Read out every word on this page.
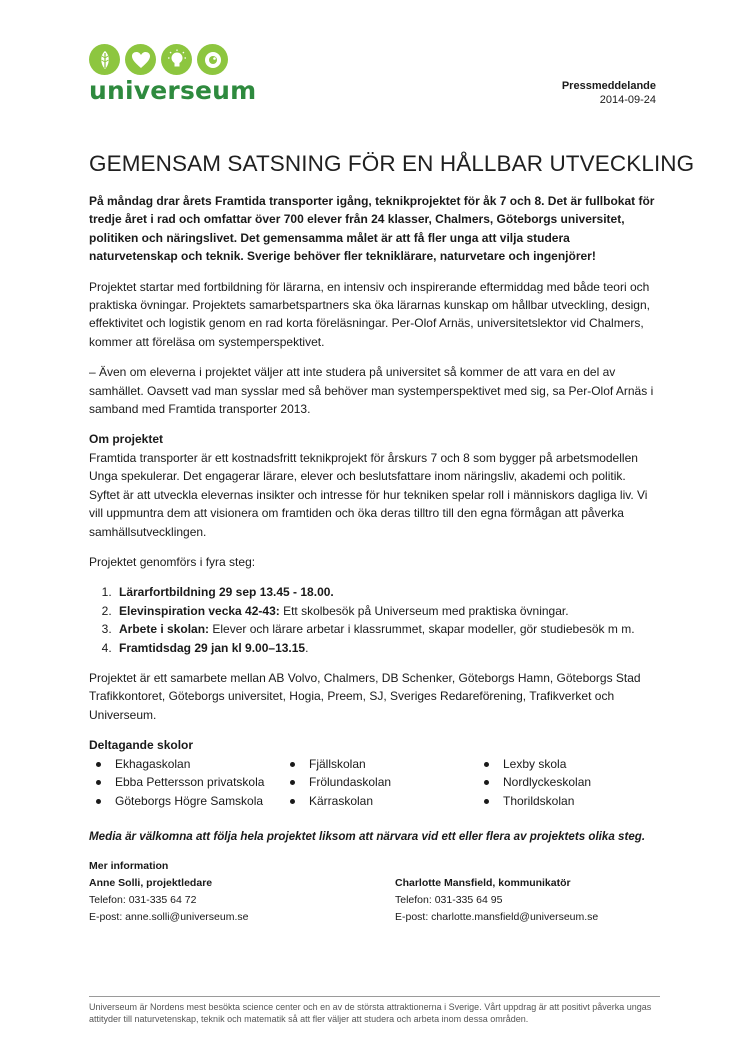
universeum	Pressmeddelande
2014-09-24
GEMENSAM SATSNING FÖR EN HÅLLBAR UTVECKLING

På måndag drar årets Framtida transporter igång, teknikprojektet för åk 7 och 8. Det är fullbokat för tredje året i rad och omfattar över 700 elever från 24 klasser, Chalmers, Göteborgs universitet, politiken och näringslivet. Det gemensamma målet är att få fler unga att vilja studera naturvetenskap och teknik. Sverige behöver fler tekniklärare, naturvetare och ingenjörer!

Projektet startar med fortbildning för lärarna, en intensiv och inspirerande eftermiddag med både teori och praktiska övningar. Projektets samarbetspartners ska öka lärarnas kunskap om hållbar utveckling, design, effektivitet och logistik genom en rad korta föreläsningar. Per-Olof Arnäs, universitetslektor vid Chalmers, kommer att föreläsa om systemperspektivet.

– Även om eleverna i projektet väljer att inte studera på universitet så kommer de att vara en del av samhället. Oavsett vad man sysslar med så behöver man systemperspektivet med sig, sa Per-Olof Arnäs i samband med Framtida transporter 2013.

Om projektet

Framtida transporter är ett kostnadsfritt teknikprojekt för årskurs 7 och 8 som bygger på arbetsmodellen Unga spekulerar. Det engagerar lärare, elever och beslutsfattare inom näringsliv, akademi och politik. Syftet är att utveckla elevernas insikter och intresse för hur tekniken spelar roll i människors dagliga liv. Vi vill uppmuntra dem att visionera om framtiden och öka deras tilltro till den egna förmågan att påverka samhällsutvecklingen.

Projektet genomförs i fyra steg:

1. Lärarfortbildning 29 sep 13.45 - 18.00.
2. Elevinspiration vecka 42-43: Ett skolbesök på Universeum med praktiska övningar.
3. Arbete i skolan: Elever och lärare arbetar i klassrummet, skapar modeller, gör studiebesök m m.
4. Framtidsdag 29 jan kl 9.00–13.15.

Projektet är ett samarbete mellan AB Volvo, Chalmers, DB Schenker, Göteborgs Hamn, Göteborgs Stad Trafikkontoret, Göteborgs universitet, Hogia, Preem, SJ, Sveriges Redareförening, Trafikverket och Universeum.

Deltagande skolor

Ekhagaskolan	Fjällskolan	Lexby skola
Ebba Pettersson privatskola	Frölundaskolan	Nordlyckeskolan
Göteborgs Högre Samskola	Kärraskolan	Thorildskolan

Media är välkomna att följa hela projektet liksom att närvara vid ett eller flera av projektets olika steg.

Mer information
Anne Solli, projektledare
Telefon: 031-335 64 72
E-post: anne.solli@universeum.se
Charlotte Mansfield, kommunikatör
Telefon: 031-335 64 95
E-post: charlotte.mansfield@universeum.se
Universeum är Nordens mest besökta science center och en av de största attraktionerna i Sverige. Vårt uppdrag är att positivt påverka ungas attityder till naturvetenskap, teknik och matematik så att fler väljer att studera och arbeta inom dessa områden.
